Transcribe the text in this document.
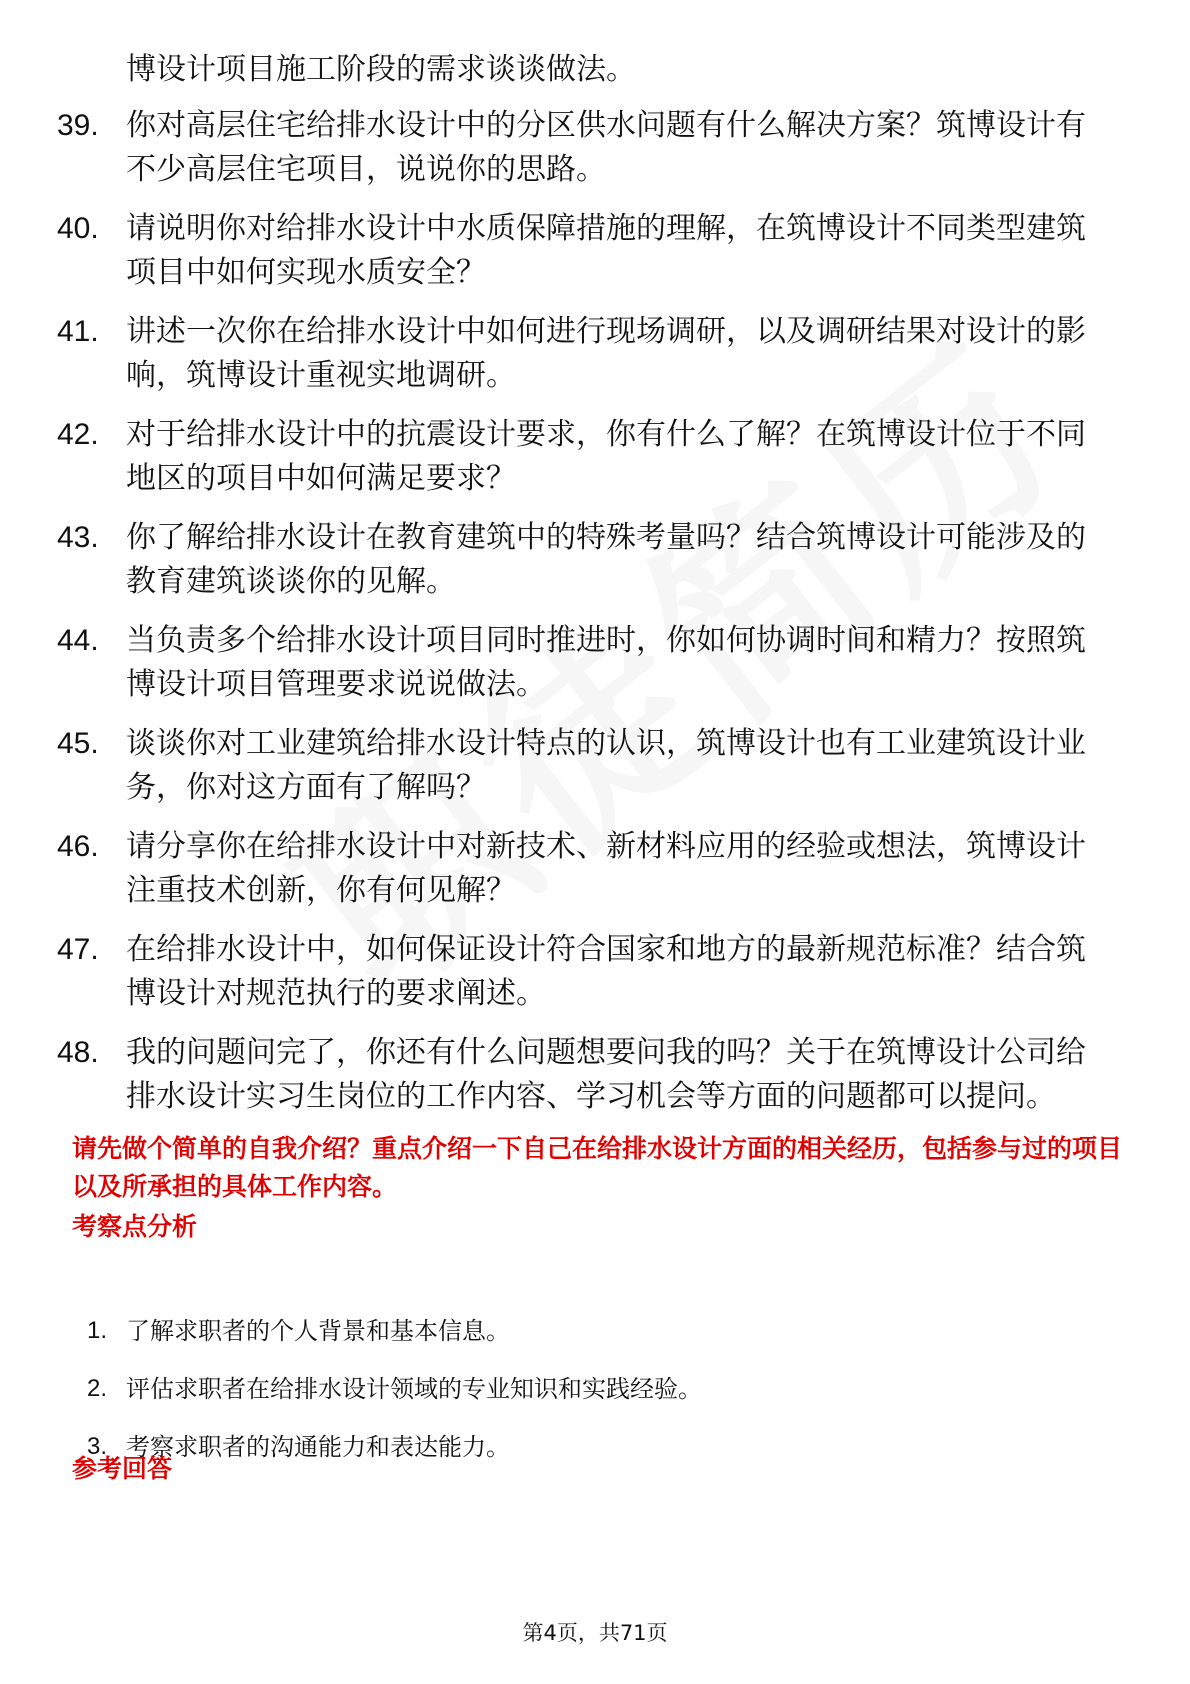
博设计项目施工阶段的需求谈谈做法。

39. 你对高层住宅给排水设计中的分区供水问题有什么解决方案？筑博设计有不少高层住宅项目，说说你的思路。
40. 请说明你对给排水设计中水质保障措施的理解，在筑博设计不同类型建筑项目中如何实现水质安全？
41. 讲述一次你在给排水设计中如何进行现场调研，以及调研结果对设计的影响，筑博设计重视实地调研。
42. 对于给排水设计中的抗震设计要求，你有什么了解？在筑博设计位于不同地区的项目中如何满足要求？
43. 你了解给排水设计在教育建筑中的特殊考量吗？结合筑博设计可能涉及的教育建筑谈谈你的见解。
44. 当负责多个给排水设计项目同时推进时，你如何协调时间和精力？按照筑博设计项目管理要求说说做法。
45. 谈谈你对工业建筑给排水设计特点的认识，筑博设计也有工业建筑设计业务，你对这方面有了解吗？
46. 请分享你在给排水设计中对新技术、新材料应用的经验或想法，筑博设计注重技术创新，你有何见解？
47. 在给排水设计中，如何保证设计符合国家和地方的最新规范标准？结合筑博设计对规范执行的要求阐述。
48. 我的问题问完了，你还有什么问题想要问我的吗？关于在筑博设计公司给排水设计实习生岗位的工作内容、学习机会等方面的问题都可以提问。

请先做个简单的自我介绍？重点介绍一下自己在给排水设计方面的相关经历，包括参与过的项目以及所承担的具体工作内容。

考察点分析
1. 了解求职者的个人背景和基本信息。
2. 评估求职者在给排水设计领域的专业知识和实践经验。
3. 考察求职者的沟通能力和表达能力。
参考回答

第4页，共71页
